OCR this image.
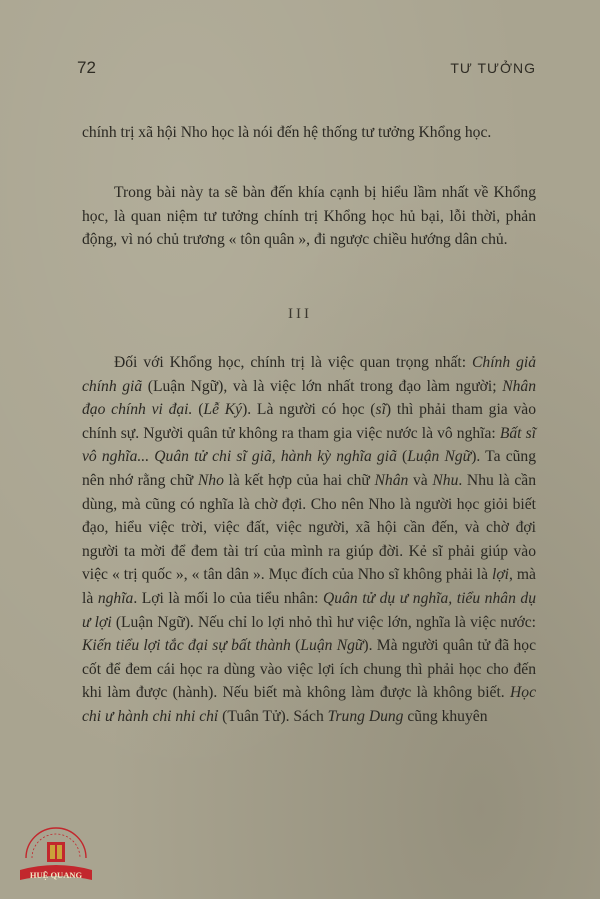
72	TƯ TƯỞNG

chính trị xã hội Nho học là nói đến hệ thống tư tưởng Khổng học.

Trong bài này ta sẽ bàn đến khía cạnh bị hiểu lầm nhất về Khổng học, là quan niệm tư tưởng chính trị Khổng học hủ bại, lỗi thời, phản động, vì nó chủ trương « tôn quân », đi ngược chiều hướng dân chủ.

III

Đối với Khổng học, chính trị là việc quan trọng nhất: Chính giả chính giã (Luận Ngữ), và là việc lớn nhất trong đạo làm người; Nhân đạo chính vi đại. (Lễ Ký). Là người có học (sĩ) thì phải tham gia vào chính sự. Người quân tử không ra tham gia việc nước là vô nghĩa: Bất sĩ vô nghĩa... Quân tử chi sĩ giã, hành kỳ nghĩa giã (Luận Ngữ). Ta cũng nên nhớ rằng chữ Nho là kết hợp của hai chữ Nhân và Nhu. Nhu là cần dùng, mà cũng có nghĩa là chờ đợi. Cho nên Nho là người học giỏi biết đạo, hiểu việc trời, việc đất, việc người, xã hội cần đến, và chờ đợi người ta mời để đem tài trí của mình ra giúp đời. Kẻ sĩ phải giúp vào việc « trị quốc », « tân dân ». Mục đích của Nho sĩ không phải là lợi, mà là nghĩa. Lợi là mối lo của tiểu nhân: Quân tử dụ ư nghĩa, tiểu nhân dụ ư lợi (Luận Ngữ). Nếu chỉ lo lợi nhỏ thì hư việc lớn, nghĩa là việc nước: Kiến tiểu lợi tắc đại sự bất thành (Luận Ngữ). Mà người quân tử đã học cốt để đem cái học ra dùng vào việc lợi ích chung thì phải học cho đến khi làm được (hành). Nếu biết mà không làm được là không biết. Học chi ư hành chi nhi chỉ (Tuân Tử). Sách Trung Dung cũng khuyên

HUỆ QUANG
